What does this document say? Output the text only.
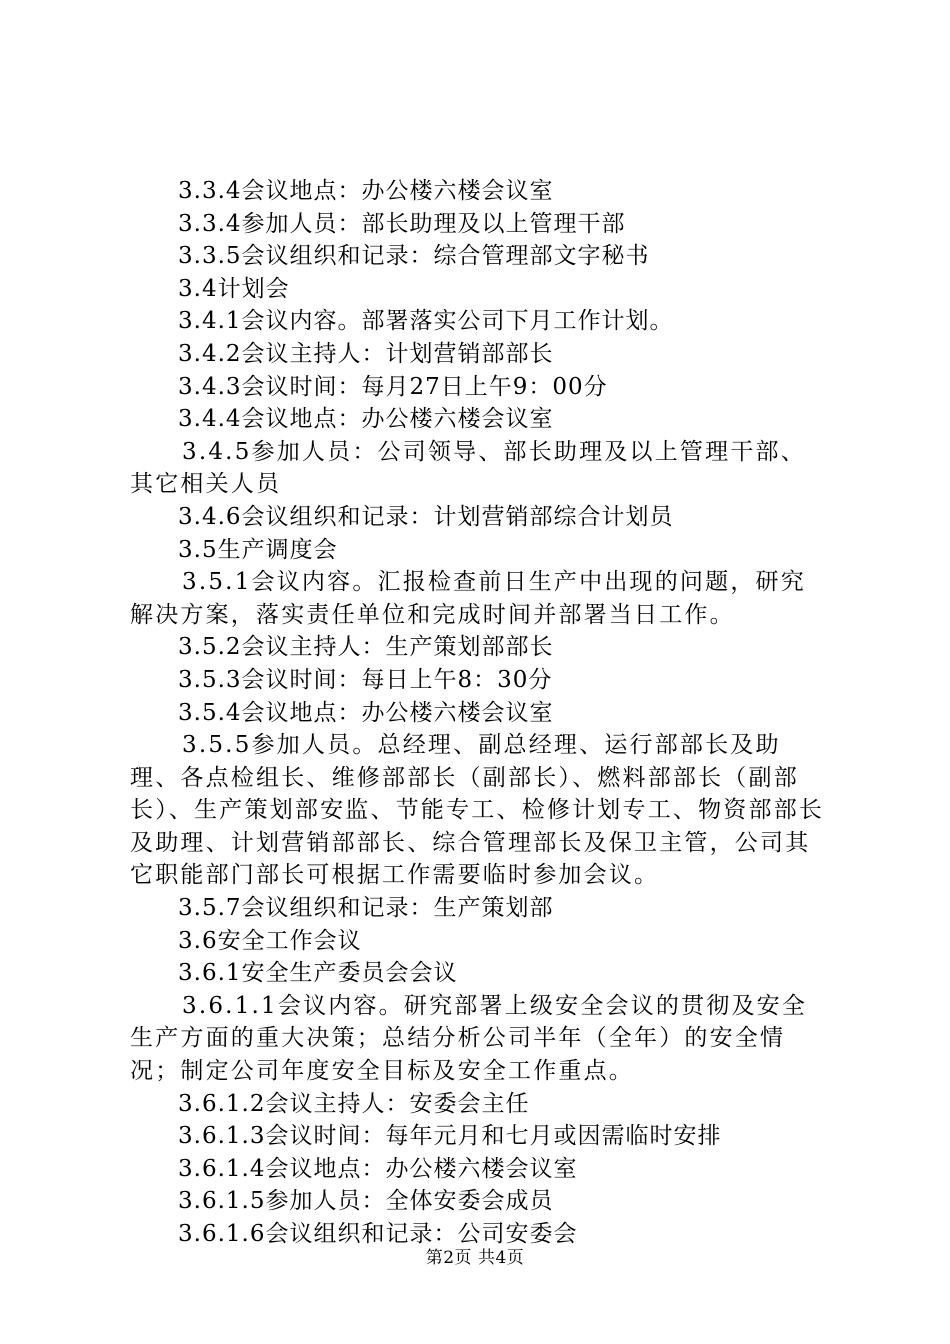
3.3.4会议地点：办公楼六楼会议室

3.3.4参加人员：部长助理及以上管理干部

3.3.5会议组织和记录：综合管理部文字秘书

3.4计划会

3.4.1会议内容。部署落实公司下月工作计划。

3.4.2会议主持人：计划营销部部长

3.4.3会议时间：每月27日上午9：00分

3.4.4会议地点：办公楼六楼会议室

3.4.5参加人员：公司领导、部长助理及以上管理干部、其它相关人员

3.4.6会议组织和记录：计划营销部综合计划员

3.5生产调度会

3.5.1会议内容。汇报检查前日生产中出现的问题，研究解决方案，落实责任单位和完成时间并部署当日工作。

3.5.2会议主持人：生产策划部部长

3.5.3会议时间：每日上午8：30分

3.5.4会议地点：办公楼六楼会议室

3.5.5参加人员。总经理、副总经理、运行部部长及助理、各点检组长、维修部部长（副部长）、燃料部部长（副部长）、生产策划部安监、节能专工、检修计划专工、物资部部长及助理、计划营销部部长、综合管理部长及保卫主管，公司其它职能部门部长可根据工作需要临时参加会议。

3.5.7会议组织和记录：生产策划部

3.6安全工作会议

3.6.1安全生产委员会会议

3.6.1.1会议内容。研究部署上级安全会议的贯彻及安全生产方面的重大决策；总结分析公司半年（全年）的安全情况；制定公司年度安全目标及安全工作重点。

3.6.1.2会议主持人：安委会主任

3.6.1.3会议时间：每年元月和七月或因需临时安排

3.6.1.4会议地点：办公楼六楼会议室

3.6.1.5参加人员：全体安委会成员

3.6.1.6会议组织和记录：公司安委会

第2页 共4页
